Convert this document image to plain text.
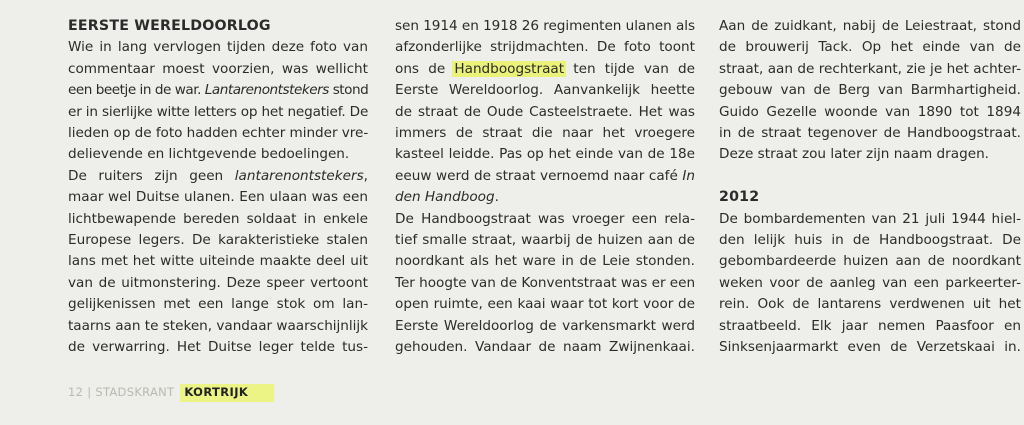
EERSTE WERELDOORLOG
Wie in lang vervlogen tijden deze foto van
commentaar moest voorzien, was wellicht
een beetje in de war. Lantarenontstekers stond
er in sierlijke witte letters op het negatief. De
lieden op de foto hadden echter minder vre-
delievende en lichtgevende bedoelingen.
De ruiters zijn geen lantarenontstekers,
maar wel Duitse ulanen. Een ulaan was een
lichtbewapende bereden soldaat in enkele
Europese legers. De karakteristieke stalen
lans met het witte uiteinde maakte deel uit
van de uitmonstering. Deze speer vertoont
gelijkenissen met een lange stok om lan-
taarns aan te steken, vandaar waarschijnlijk
de verwarring. Het Duitse leger telde tus-
sen 1914 en 1918 26 regimenten ulanen als
afzonderlijke strijdmachten. De foto toont
ons de Handboogstraat ten tijde van de
Eerste Wereldoorlog. Aanvankelijk heette
de straat de Oude Casteelstraete. Het was
immers de straat die naar het vroegere
kasteel leidde. Pas op het einde van de 18e
eeuw werd de straat vernoemd naar café In
den Handboog.
De Handboogstraat was vroeger een rela-
tief smalle straat, waarbij de huizen aan de
noordkant als het ware in de Leie stonden.
Ter hoogte van de Konventstraat was er een
open ruimte, een kaai waar tot kort voor de
Eerste Wereldoorlog de varkensmarkt werd
gehouden. Vandaar de naam Zwijnenkaai.
Aan de zuidkant, nabij de Leiestraat, stond
de brouwerij Tack. Op het einde van de
straat, aan de rechterkant, zie je het achter-
gebouw van de Berg van Barmhartigheid.
Guido Gezelle woonde van 1890 tot 1894
in de straat tegenover de Handboogstraat.
Deze straat zou later zijn naam dragen.
2012
De bombardementen van 21 juli 1944 hiel-
den lelijk huis in de Handboogstraat. De
gebombardeerde huizen aan de noordkant
weken voor de aanleg van een parkeerter-
rein. Ook de lantarens verdwenen uit het
straatbeeld. Elk jaar nemen Paasfoor en
Sinksenjaarmarkt even de Verzetskaai in.
12 | STADSKRANT KORTRIJK
